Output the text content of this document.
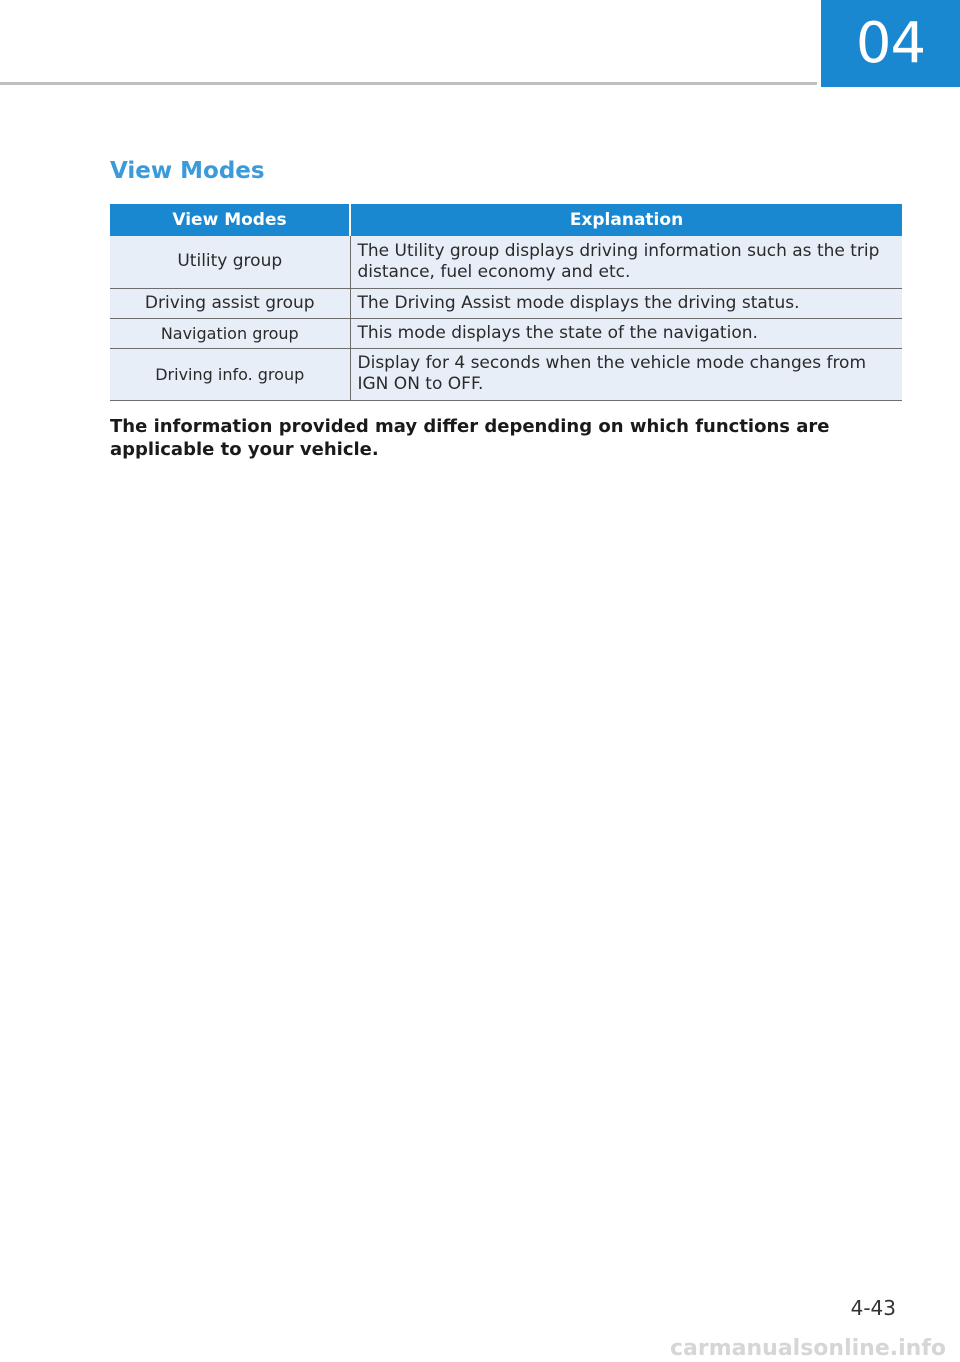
04
View Modes
View Modes	Explanation
Utility group	The Utility group displays driving information such as the trip distance, fuel economy and etc.
Driving assist group	The Driving Assist mode displays the driving status.
Navigation group	This mode displays the state of the navigation.
Driving info. group	Display for 4 seconds when the vehicle mode changes from IGN ON to OFF.
The information provided may differ depending on which functions are applicable to your vehicle.
4-43
carmanualsonline.info
